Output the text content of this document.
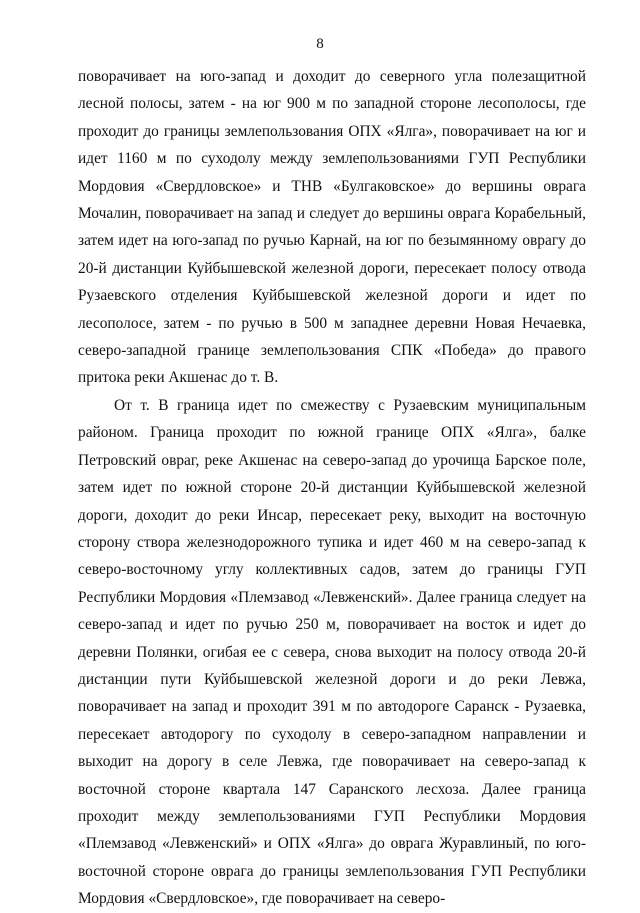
8

поворачивает на юго-запад и доходит до северного угла полезащитной лесной полосы, затем - на юг 900 м по западной стороне лесополосы, где проходит до границы землепользования ОПХ «Ялга», поворачивает на юг и идет 1160 м по суходолу между землепользованиями ГУП Республики Мордовия «Свердловское» и ТНВ «Булгаковское» до вершины оврага Мочалин, поворачивает на запад и следует до вершины оврага Корабельный, затем идет на юго-запад по ручью Карнай, на юг по безымянному оврагу до 20-й дистанции Куйбышевской железной дороги, пересекает полосу отвода Рузаевского отделения Куйбышевской железной дороги и идет по лесополосе, затем - по ручью в 500 м западнее деревни Новая Нечаевка, северо-западной границе землепользования СПК «Победа» до правого притока реки Акшенас до т. В.

От т. В граница идет по смежеству с Рузаевским муниципальным районом. Граница проходит по южной границе ОПХ «Ялга», балке Петровский овраг, реке Акшенас на северо-запад до урочища Барское поле, затем идет по южной стороне 20-й дистанции Куйбышевской железной дороги, доходит до реки Инсар, пересекает реку, выходит на восточную сторону створа железнодорожного тупика и идет 460 м на северо-запад к северо-восточному углу коллективных садов, затем до границы ГУП Республики Мордовия «Племзавод «Левженский». Далее граница следует на северо-запад и идет по ручью 250 м, поворачивает на восток и идет до деревни Полянки, огибая ее с севера, снова выходит на полосу отвода 20-й дистанции пути Куйбышевской железной дороги и до реки Левжа, поворачивает на запад и проходит 391 м по автодороге Саранск - Рузаевка, пересекает автодорогу по суходолу в северо-западном направлении и выходит на дорогу в селе Левжа, где поворачивает на северо-запад к восточной стороне квартала 147 Саранского лесхоза. Далее граница проходит между землепользованиями ГУП Республики Мордовия «Племзавод «Левженский» и ОПХ «Ялга» до оврага Журавлиный, по юго-восточной стороне оврага до границы землепользования ГУП Республики Мордовия «Свердловское», где поворачивает на северо-
